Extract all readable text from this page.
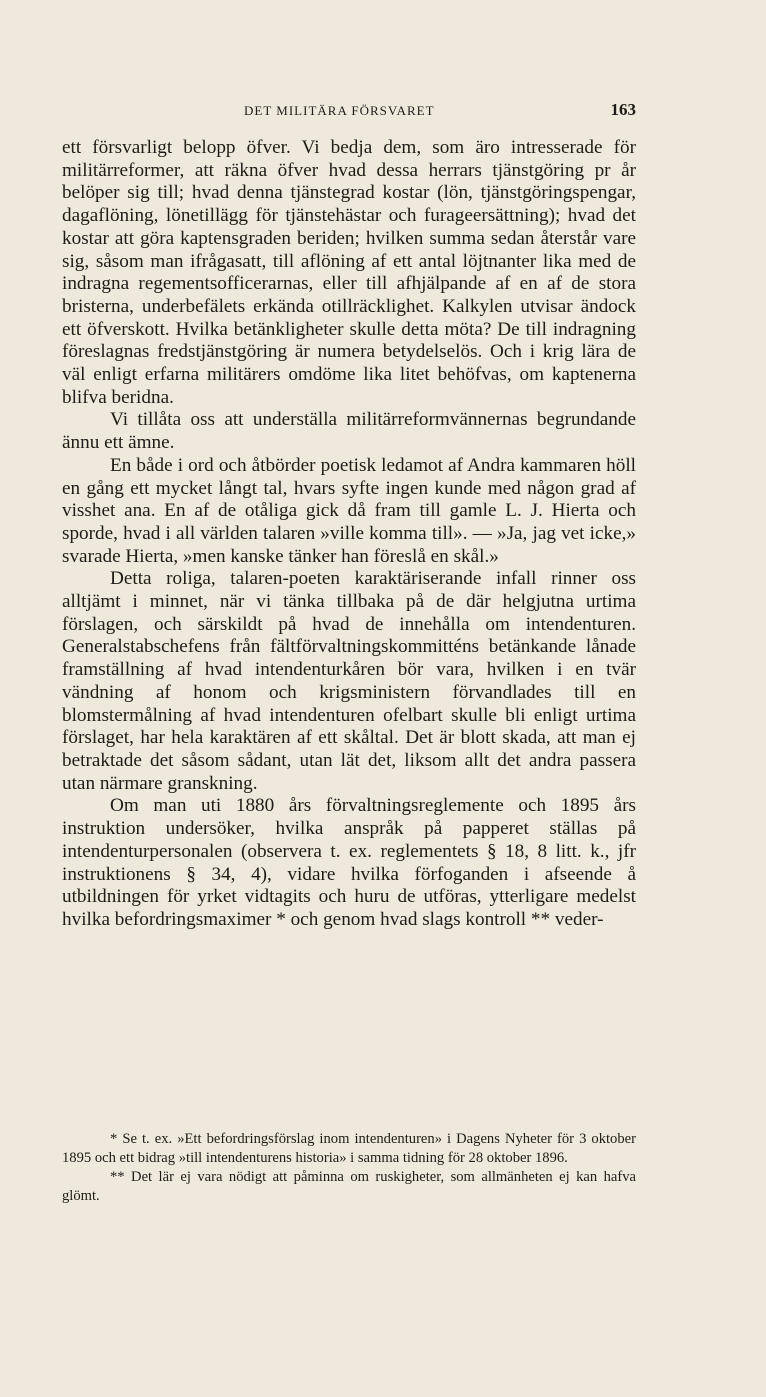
DET MILITÄRA FÖRSVARET	163

ett försvarligt belopp öfver. Vi bedja dem, som äro intresserade för militärreformer, att räkna öfver hvad dessa herrars tjänstgöring pr år belöper sig till; hvad denna tjänstegrad kostar (lön, tjänstgöringspengar, dagaflöning, lönetillägg för tjänstehästar och furageersättning); hvad det kostar att göra kaptensgraden beriden; hvilken summa sedan återstår vare sig, såsom man ifrågasatt, till aflöning af ett antal löjtnanter lika med de indragna regementsofficerarnas, eller till afhjälpande af en af de stora bristerna, underbefälets erkända otillräcklighet. Kalkylen utvisar ändock ett öfverskott. Hvilka betänkligheter skulle detta möta? De till indragning föreslagnas fredstjänstgöring är numera betydelselös. Och i krig lära de väl enligt erfarna militärers omdöme lika litet behöfvas, om kaptenerna blifva beridna.

Vi tillåta oss att underställa militärreformvännernas begrundande ännu ett ämne.

En både i ord och åtbörder poetisk ledamot af Andra kammaren höll en gång ett mycket långt tal, hvars syfte ingen kunde med någon grad af visshet ana. En af de otåliga gick då fram till gamle L. J. Hierta och sporde, hvad i all världen talaren »ville komma till». — »Ja, jag vet icke,» svarade Hierta, »men kanske tänker han föreslå en skål.»

Detta roliga, talaren-poeten karaktäriserande infall rinner oss alltjämt i minnet, när vi tänka tillbaka på de där helgjutna urtima förslagen, och särskildt på hvad de innehålla om intendenturen. Generalstabschefens från fältförvaltningskommitténs betänkande lånade framställning af hvad intendenturkåren bör vara, hvilken i en tvär vändning af honom och krigsministern förvandlades till en blomstermålning af hvad intendenturen ofelbart skulle bli enligt urtima förslaget, har hela karaktären af ett skåltal. Det är blott skada, att man ej betraktade det såsom sådant, utan lät det, liksom allt det andra passera utan närmare granskning.

Om man uti 1880 års förvaltningsreglemente och 1895 års instruktion undersöker, hvilka anspråk på papperet ställas på intendenturpersonalen (observera t. ex. reglementets § 18, 8 litt. k., jfr instruktionens § 34, 4), vidare hvilka förfoganden i afseende å utbildningen för yrket vidtagits och huru de utföras, ytterligare medelst hvilka befordringsmaximer * och genom hvad slags kontroll ** veder-

* Se t. ex. »Ett befordringsförslag inom intendenturen» i Dagens Nyheter för 3 oktober 1895 och ett bidrag »till intendenturens historia» i samma tidning för 28 oktober 1896.

** Det lär ej vara nödigt att påminna om ruskigheter, som allmänheten ej kan hafva glömt.
